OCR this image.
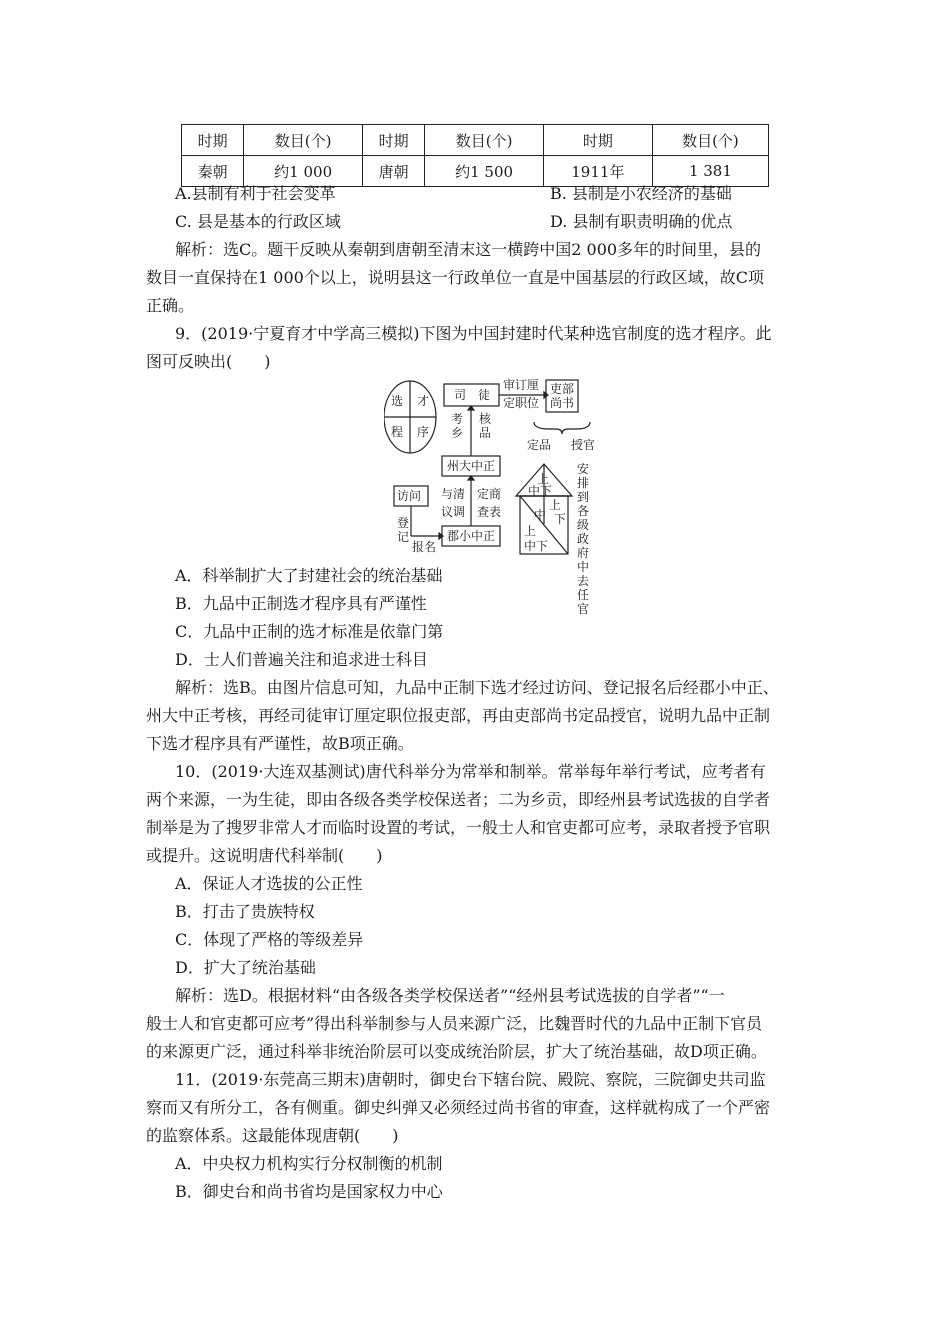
时期	数目(个)	时期	数目(个)	时期	数目(个)
秦朝	约1 000	唐朝	约1 500	1911年	1 381
A.县制有利于社会变革	B. 县制是小农经济的基础
C. 县是基本的行政区域	D. 县制有职责明确的优点
解析：选C。题干反映从秦朝到唐朝至清末这一横跨中国2 000多年的时间里，县的
数目一直保持在1 000个以上，说明县这一行政单位一直是中国基层的行政区域，故C项
正确。
9．(2019·宁夏育才中学高三模拟)下图为中国封建时代某种选官制度的选才程序。此
图可反映出(　　)
选 才
程 序
司　徒
审订厘
定职位
吏部
尚书
考乡
核品
定品 授官
州大中正
访问 与清
议调
定商
查表
安排到各级政府中去任官
登记
报名
郡小中正
上
中下
上
下
上
中下
中
A．科举制扩大了封建社会的统治基础
B．九品中正制选才程序具有严谨性
C．九品中正制的选才标准是依靠门第
D．士人们普遍关注和追求进士科目
解析：选B。由图片信息可知，九品中正制下选才经过访问、登记报名后经郡小中正、
州大中正考核，再经司徒审订厘定职位报吏部，再由吏部尚书定品授官，说明九品中正制
下选才程序具有严谨性，故B项正确。
10．(2019·大连双基测试)唐代科举分为常举和制举。常举每年举行考试，应考者有
两个来源，一为生徒，即由各级各类学校保送者；二为乡贡，即经州县考试选拔的自学者
制举是为了搜罗非常人才而临时设置的考试，一般士人和官吏都可应考，录取者授予官职
或提升。这说明唐代科举制(　　)
A．保证人才选拔的公正性
B．打击了贵族特权
C．体现了严格的等级差异
D．扩大了统治基础
解析：选D。根据材料“由各级各类学校保送者”“经州县考试选拔的自学者”“一
般士人和官吏都可应考”得出科举制参与人员来源广泛，比魏晋时代的九品中正制下官员
的来源更广泛，通过科举非统治阶层可以变成统治阶层，扩大了统治基础，故D项正确。
11．(2019·东莞高三期末)唐朝时，御史台下辖台院、殿院、察院，三院御史共司监
察而又有所分工，各有侧重。御史纠弹又必须经过尚书省的审查，这样就构成了一个严密
的监察体系。这最能体现唐朝(　　)
A．中央权力机构实行分权制衡的机制
B．御史台和尚书省均是国家权力中心
